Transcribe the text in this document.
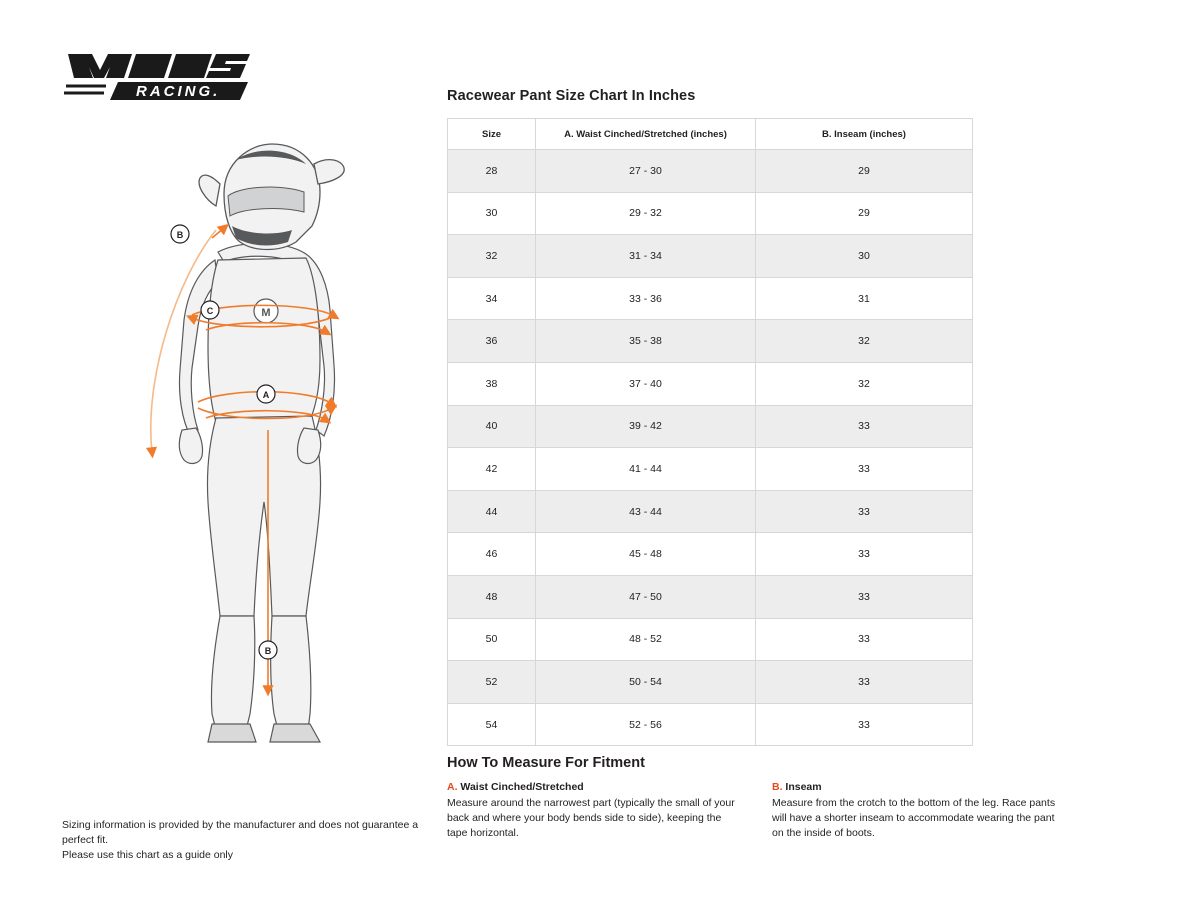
RACING.
M
C
A
B
B
Sizing information is provided by the manufacturer and does not guarantee a perfect fit.
Please use this chart as a guide only
Racewear Pant Size Chart In Inches
Size	A. Waist Cinched/Stretched (inches)	B. Inseam (inches)
28	27 - 30	29
30	29 - 32	29
32	31 - 34	30
34	33 - 36	31
36	35 - 38	32
38	37 - 40	32
40	39 - 42	33
42	41 - 44	33
44	43 - 44	33
46	45 - 48	33
48	47 - 50	33
50	48 - 52	33
52	50 - 54	33
54	52 - 56	33
How To Measure For Fitment
A. Waist Cinched/Stretched
Measure around the narrowest part (typically the small of your back and where your body bends side to side), keeping the tape horizontal.
B. Inseam
Measure from the crotch to the bottom of the leg. Race pants will have a shorter inseam to accommodate wearing the pant on the inside of boots.
